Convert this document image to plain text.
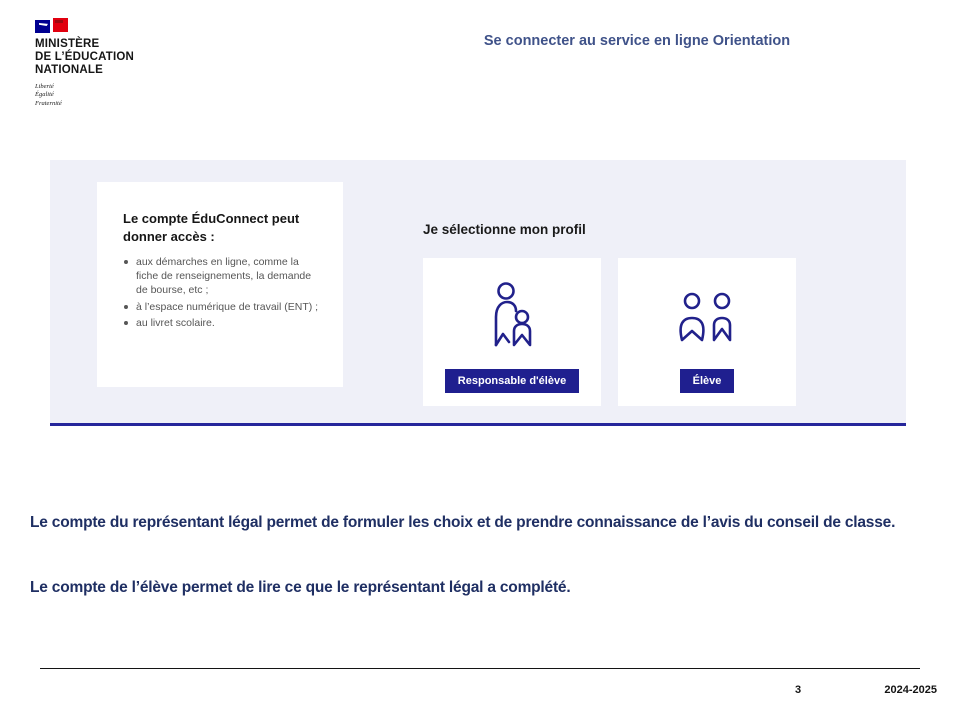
MINISTÈRE
DE L’ÉDUCATION
NATIONALE
Liberté
Égalité
Fraternité
Se connecter au service en ligne Orientation
Le compte ÉduConnect peut donner accès :
aux démarches en ligne, comme la fiche de renseignements, la demande de bourse, etc ;
à l’espace numérique de travail (ENT) ;
au livret scolaire.
Je sélectionne mon profil
Responsable d'élève	Élève

Le compte du représentant légal permet de formuler les choix et de prendre connaissance de l’avis du conseil de classe.

Le compte de l’élève permet de lire ce que le représentant légal a complété.

3	2024-2025
